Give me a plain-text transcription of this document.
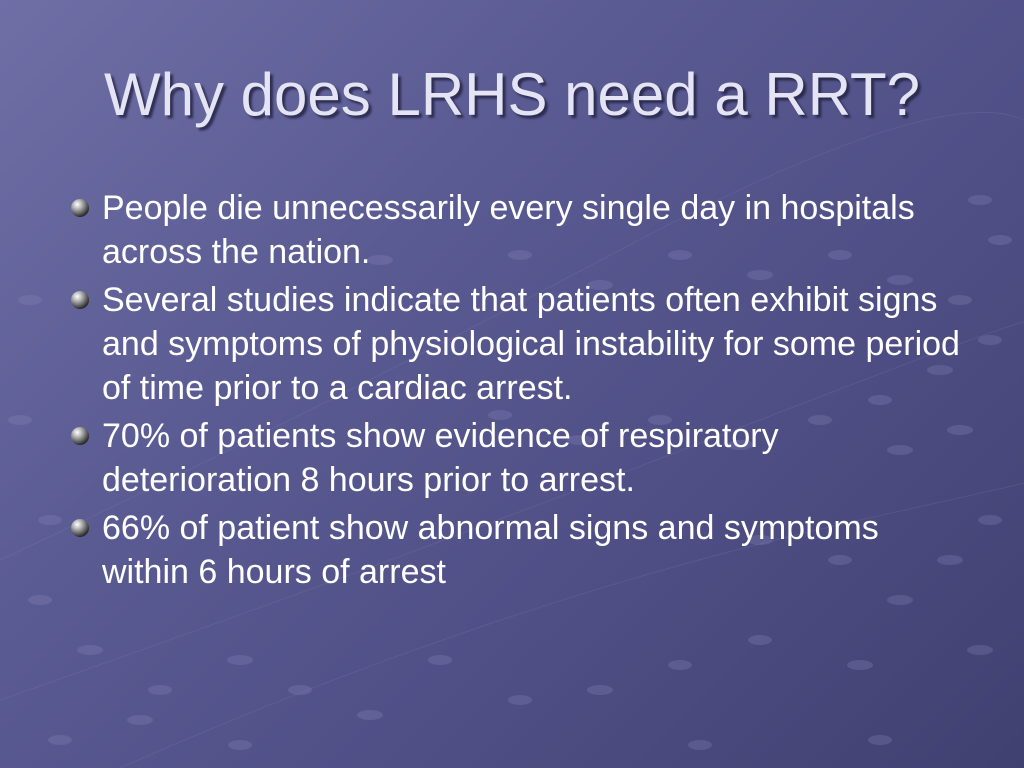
Why does LRHS need a RRT?
People die unnecessarily every single day in hospitals across the nation.
Several studies indicate that patients often exhibit signs and symptoms of physiological instability for some period of time prior to a cardiac arrest.
70% of patients show evidence of respiratory deterioration 8 hours prior to arrest.
66% of patient show abnormal signs and symptoms within 6 hours of arrest
